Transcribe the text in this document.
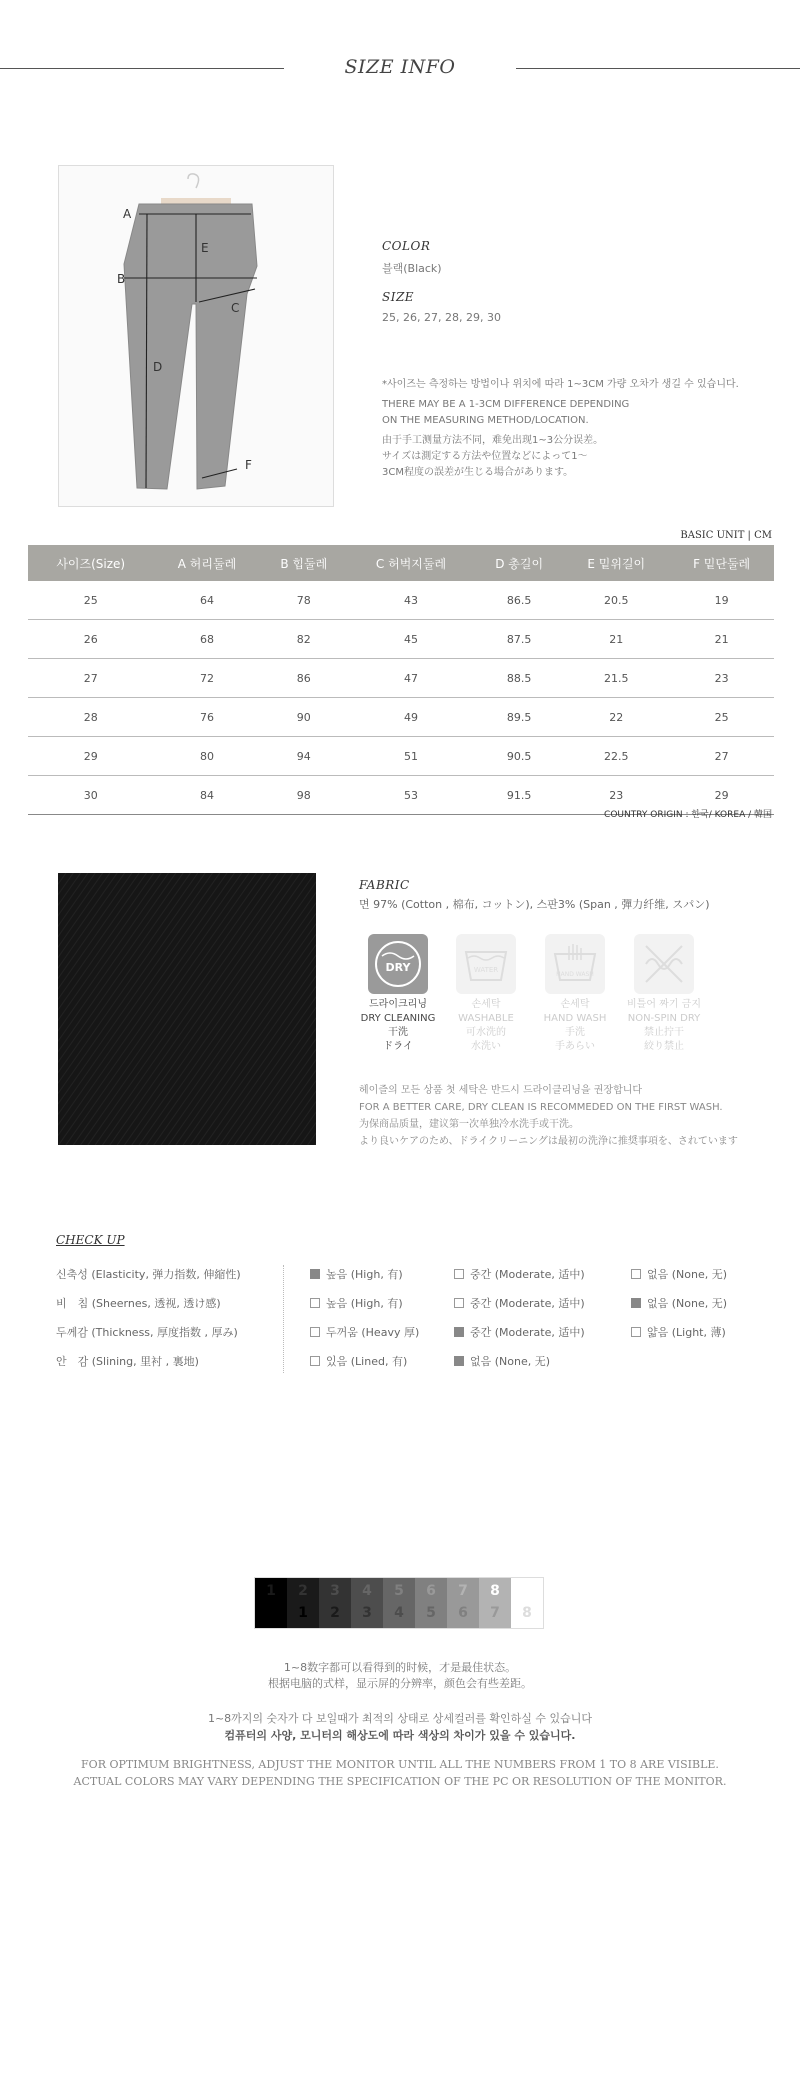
SIZE INFO
A
B
C
D
E
F
COLOR
블랙(Black)
SIZE
25, 26, 27, 28, 29, 30
*사이즈는 측정하는 방법이나 위치에 따라 1~3CM 가량 오차가 생길 수 있습니다.
THERE MAY BE A 1-3CM DIFFERENCE DEPENDING
ON THE MEASURING METHOD/LOCATION.
由于手工测量方法不同，难免出现1~3公分误差。
サイズは測定する方法や位置などによって1～
3CM程度の誤差が生じる場合があります。
BASIC UNIT | CM
사이즈(Size)	A 허리둘레	B 힙둘레	C 허벅지둘레	D 총길이	E 밑위길이	F 밑단둘레
25	64	78	43	86.5	20.5	19
26	68	82	45	87.5	21	21
27	72	86	47	88.5	21.5	23
28	76	90	49	89.5	22	25
29	80	94	51	90.5	22.5	27
30	84	98	53	91.5	23	29
COUNTRY ORIGIN : 한국/ KOREA / 韓国
FABRIC
면 97% (Cotton , 棉布, コットン), 스판3% (Span , 彈力纤维, スパン)
DRY
드라이크리닝
DRY CLEANING
干洗
ドライ
WATER
손세탁
WASHABLE
可水洗的
水洗い
HAND WASH
손세탁
HAND WASH
手洗
手あらい
비틀어 짜기 금지
NON-SPIN DRY
禁止拧干
絞り禁止
헤이즐의 모든 상품 첫 세탁은 반드시 드라이클리닝을 권장합니다
FOR A BETTER CARE, DRY CLEAN IS RECOMMEDED ON THE FIRST WASH.
为保商品质量，建议第一次单独冷水洗手或干洗。
より良いケアのため、ドライクリーニングは最初の洗浄に推奨事項を、されています
CHECK UP
신축성 (Elasticity, 弹力指数, 伸縮性)	높음 (High, 有)	중간 (Moderate, 适中)	없음 (None, 无)
비　침 (Sheernes, 透视, 透け感)	높음 (High, 有)	중간 (Moderate, 适中)	없음 (None, 无)
두께감 (Thickness, 厚度指数 , 厚み)	두꺼움 (Heavy 厚)	중간 (Moderate, 适中)	얇음 (Light, 薄)
안　감 (Slining, 里衬 , 裏地)	있음 (Lined, 有)	없음 (None, 无)
1	2
1
3
2
4
3
5
4
6
5
7
6
8
7	8
1~8数字都可以看得到的时候，才是最佳状态。
根据电脑的式样，显示屏的分辨率，颜色会有些差距。
1~8까지의 숫자가 다 보일때가 최적의 상태로 상세컬러를 확인하실 수 있습니다
컴퓨터의 사양, 모니터의 해상도에 따라 색상의 차이가 있을 수 있습니다.
FOR OPTIMUM BRIGHTNESS, ADJUST THE MONITOR UNTIL ALL THE NUMBERS FROM 1 TO 8 ARE VISIBLE.
ACTUAL COLORS MAY VARY DEPENDING THE SPECIFICATION OF THE PC OR RESOLUTION OF THE MONITOR.
